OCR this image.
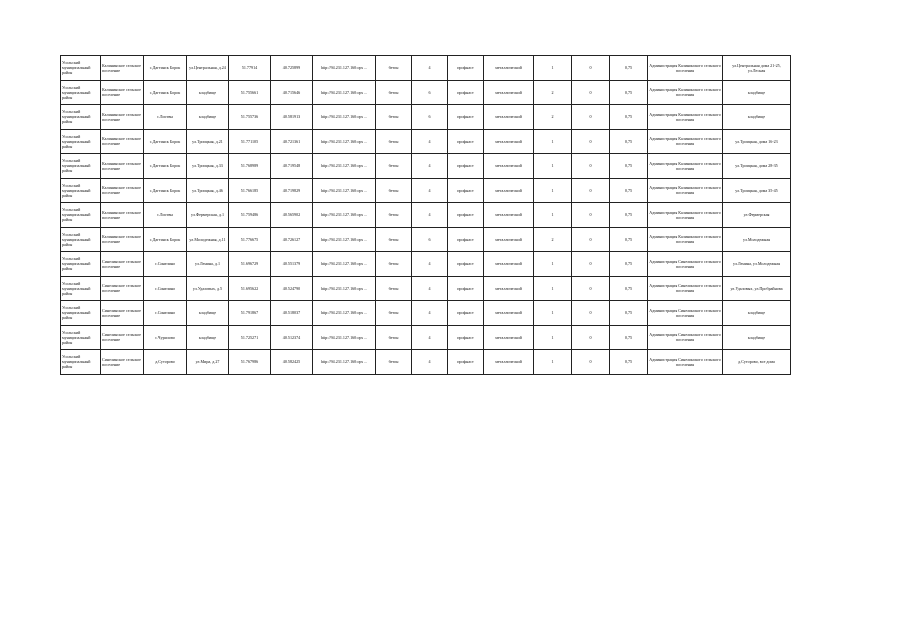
Усольский муниципальный район	Калининское сельское поселение	с.Дагтинск Борок	ул.Центральная, д.24	51.77914	40.725899	http://94.231.127.160:ops ...	бетон	4	профнаст	металлический	1	0	0,75	Администрация Калининского сельского поселения	ул.Центральная дома 21-25, ул.Лесная
Усольский муниципальный район	Калининское сельское поселение	с.Дагтинск Борок	кладбище	51.755661	40.715646	http://94.231.127.160:ops ...	бетон	6	профнаст	металлический	2	0	0,75	Администрация Калининского сельского поселения	кладбище
Усольский муниципальный район	Калининское сельское поселение	с.Листвы	кладбище	51.755736	40.581913	http://94.231.127.160:ops ...	бетон	6	профнаст	металлический	2	0	0,75	Администрация Калининского сельского поселения	кладбище
Усольский муниципальный район	Калининское сельское поселение	с.Дагтинск Борок	ул.Троицкая, д.21	51.771105	40.721361	http://94.231.127.160:ops ...	бетон	4	профнаст	металлический	1	0	0,75	Администрация Калининского сельского поселения	ул.Троицкая, дома 16-23
Усольский муниципальный район	Калининское сельское поселение	с.Дагтинск Борок	ул.Троицкая, д.33	51.768989	40.719548	http://94.231.127.160:ops ...	бетон	4	профнаст	металлический	1	0	0,75	Администрация Калининского сельского поселения	ул.Троицкая, дома 28-35
Усольский муниципальный район	Калининское сельское поселение	с.Дагтинск Борок	ул.Троицкая, д.46	51.766185	40.719829	http://94.231.127.160:ops ...	бетон	4	профнаст	металлический	1	0	0,75	Администрация Калининского сельского поселения	ул.Троицкая, дома 35-45
Усольский муниципальный район	Калининское сельское поселение	с.Листвы	ул.Фермерская, д.1	51.759486	40.565902	http://94.231.127.160:ops ...	бетон	4	профнаст	металлический	1	0	0,75	Администрация Калининского сельского поселения	ул.Фермерская
Усольский муниципальный район	Калининское сельское поселение	с.Дагтинск Борок	ул.Молодежная, д.11	51.776675	40.726127	http://94.231.127.160:ops ...	бетон	6	профнаст	металлический	2	0	0,75	Администрация Калининского сельского поселения	ул.Молодежная
Усольский муниципальный район	Синелинское сельское поселение	с.Синелино	ул.Ленина, д.1	51.696729	40.551379	http://94.231.127.160:ops ...	бетон	4	профнаст	металлический	1	0	0,75	Администрация Синелинского сельского поселения	ул.Ленина, ул.Молодежная
Усольский муниципальный район	Синелинское сельское поселение	с.Синелино	ул.Удаловых, д.5	51.695622	40.524790	http://94.231.127.160:ops ...	бетон	4	профнаст	металлический	1	0	0,75	Администрация Синелинского сельского поселения	ул.Удаловых, ул.Пробрайнова
Усольский муниципальный район	Синелинское сельское поселение	с.Синелино	кладбище	51.791867	40.518037	http://94.231.127.160:ops ...	бетон	4	профнаст	металлический	1	0	0,75	Администрация Синелинского сельского поселения	кладбище
Усольский муниципальный район	Синелинское сельское поселение	с.Чурилово	кладбище	51.725271	40.512374	http://94.231.127.160:ops ...	бетон	4	профнаст	металлический	1	0	0,75	Администрация Синелинского сельского поселения	кладбище
Усольский муниципальный район	Синелинское сельское поселение	д.Суторово	ул.Мира, д.27	51.767986	40.582425	http://94.231.127.160:ops ...	бетон	4	профнаст	металлический	1	0	0,75	Администрация Синелинского сельского поселения	д.Суторово, все дома
